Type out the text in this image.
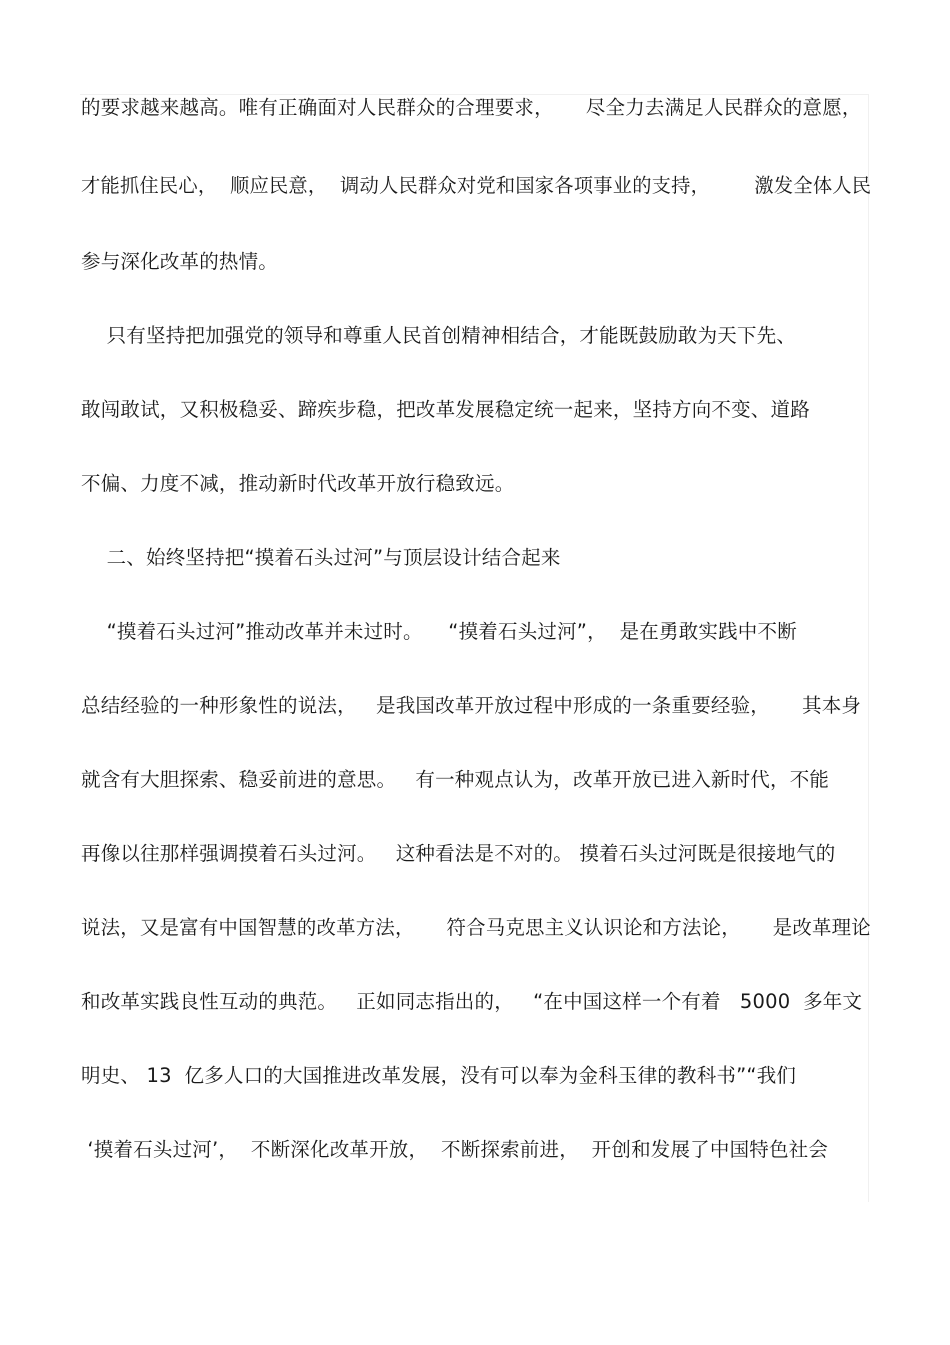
的要求越来越高。唯有正确面对人民群众的合理要求，     尽全力去满足人民群众的意愿，
才能抓住民心，  顺应民意，  调动人民群众对党和国家各项事业的支持，       激发全体人民
参与深化改革的热情。
只有坚持把加强党的领导和尊重人民首创精神相结合，才能既鼓励敢为天下先、
敢闯敢试，又积极稳妥、蹄疾步稳，把改革发展稳定统一起来，坚持方向不变、道路
不偏、力度不减，推动新时代改革开放行稳致远。
二、始终坚持把“摸着石头过河”与顶层设计结合起来
“摸着石头过河”推动改革并未过时。    “摸着石头过河”，  是在勇敢实践中不断
总结经验的一种形象性的说法，   是我国改革开放过程中形成的一条重要经验，     其本身
就含有大胆探索、稳妥前进的意思。   有一种观点认为，改革开放已进入新时代，不能
再像以往那样强调摸着石头过河。   这种看法是不对的。 摸着石头过河既是很接地气的
说法，又是富有中国智慧的改革方法，     符合马克思主义认识论和方法论，     是改革理论
和改革实践良性互动的典范。   正如同志指出的，   “在中国这样一个有着   5000  多年文
明史、 13  亿多人口的大国推进改革发展，没有可以奉为金科玉律的教科书”“我们
‘摸着石头过河’，  不断深化改革开放，  不断探索前进，  开创和发展了中国特色社会
